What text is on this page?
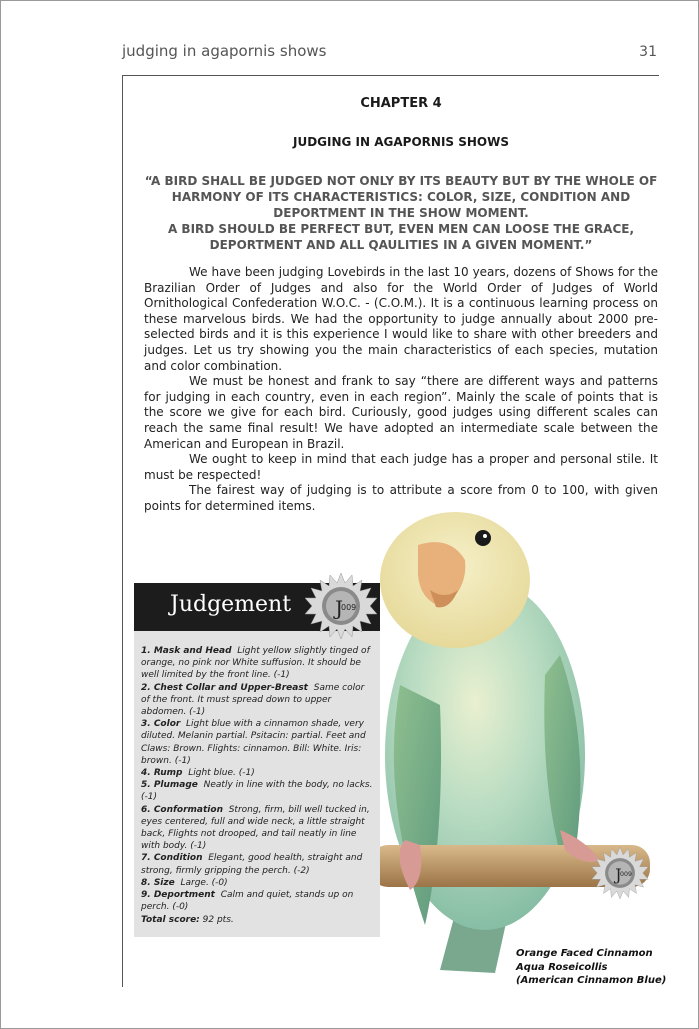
judging in agapornis shows	31
CHAPTER 4
JUDGING IN AGAPORNIS SHOWS
“A BIRD SHALL BE JUDGED NOT ONLY BY ITS BEAUTY BUT BY THE WHOLE OF
HARMONY OF ITS CHARACTERISTICS: COLOR, SIZE, CONDITION AND
DEPORTMENT IN THE SHOW MOMENT.
A BIRD SHOULD BE PERFECT BUT, EVEN MEN CAN LOOSE THE GRACE,
DEPORTMENT AND ALL QAULITIES IN A GIVEN MOMENT.”

We have been judging Lovebirds in the last 10 years, dozens of Shows for the Brazilian Order of Judges and also for the World Order of Judges of World Ornithological Confederation W.O.C. - (C.O.M.). It is a continuous learning process on these marvelous birds. We had the opportunity to judge annually about 2000 pre-selected birds and it is this experience I would like to share with other breeders and judges. Let us try showing you the main characteristics of each species, mutation and color combination.

We must be honest and frank to say “there are different ways and patterns for judging in each country, even in each region”. Mainly the scale of points that is the score we give for each bird. Curiously, good judges using different scales can reach the same final result! We have adopted an intermediate scale between the American and European in Brazil.

We ought to keep in mind that each judge has a proper and personal stile. It must be respected!

The fairest way of judging is to attribute a score from 0 to 100, with given points for determined items.

Judgement J
009
J
009
1. Mask and Head Light yellow slightly tinged of orange, no pink nor White suffusion. It should be well limited by the front line. (-1)
2. Chest Collar and Upper-Breast Same color of the front. It must spread down to upper abdomen. (-1)
3. Color Light blue with a cinnamon shade, very diluted. Melanin partial. Psitacin: partial. Feet and Claws: Brown. Flights: cinnamon. Bill: White. Iris: brown. (-1)
4. Rump Light blue. (-1)
5. Plumage Neatly in line with the body, no lacks. (-1)
6. Conformation Strong, firm, bill well tucked in, eyes centered, full and wide neck, a little straight back, Flights not drooped, and tail neatly in line with body. (-1)
7. Condition Elegant, good health, straight and strong, firmly gripping the perch. (-2)
8. Size Large. (-0)
9. Deportment Calm and quiet, stands up on perch. (-0)
Total score: 92 pts.
Orange Faced Cinnamon
Aqua Roseicollis
(American Cinnamon Blue)
